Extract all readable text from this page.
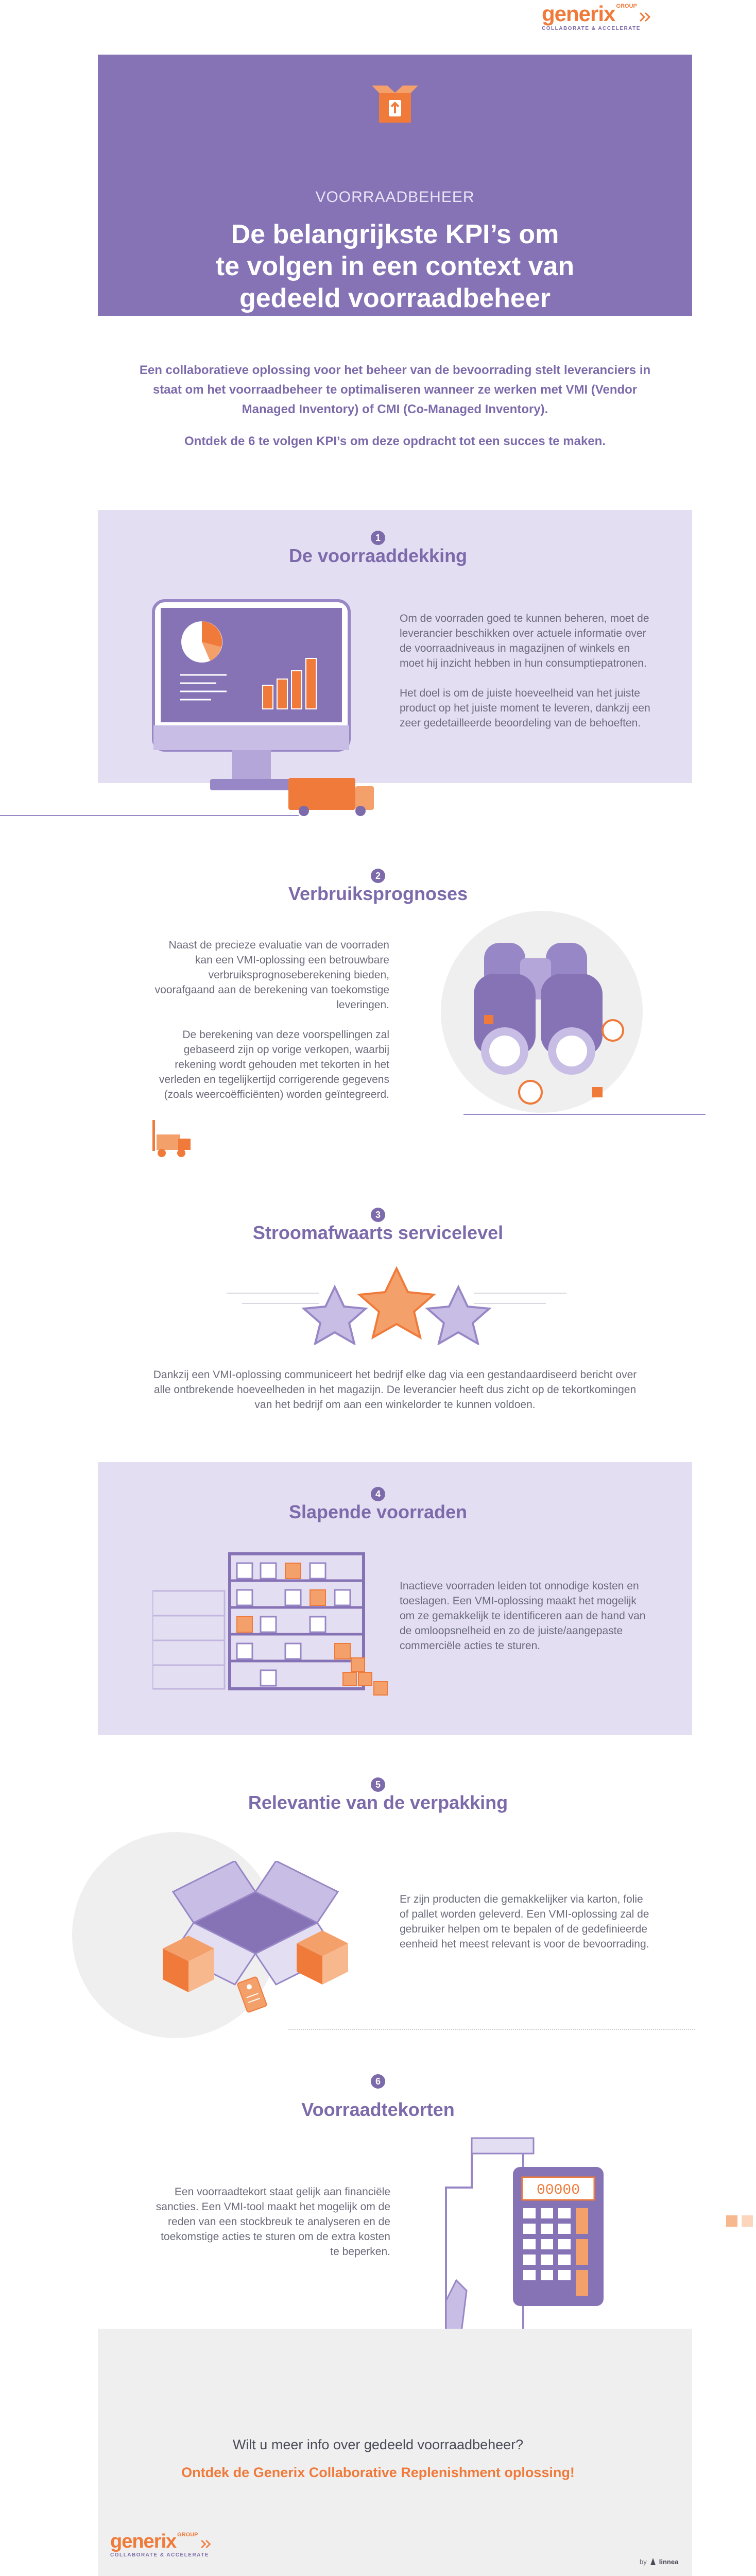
generix $^{GROUP}$
COLLABORATE & ACCELERATE
VOORRAADBEHEER
De belangrijkste KPI’s om
te volgen in een context van
gedeeld voorraadbeheer

Een collaboratieve oplossing voor het beheer van de bevoorrading stelt leveranciers in staat om het voorraadbeheer te optimaliseren wanneer ze werken met VMI (Vendor Managed Inventory) of CMI (Co-Managed Inventory).

Ontdek de 6 te volgen KPI’s om deze opdracht tot een succes te maken.

1
De voorraaddekking

Om de voorraden goed te kunnen beheren, moet de leverancier beschikken over actuele informatie over de voorraadniveaus in magazijnen of winkels en moet hij inzicht hebben in hun consumptiepatronen.

Het doel is om de juiste hoeveelheid van het juiste product op het juiste moment te leveren, dankzij een zeer gedetailleerde beoordeling van de behoeften.

2
Verbruiksprognoses

Naast de precieze evaluatie van de voorraden kan een VMI-oplossing een betrouwbare verbruiksprognoseberekening bieden, voorafgaand aan de berekening van toekomstige leveringen.

De berekening van deze voorspellingen zal gebaseerd zijn op vorige verkopen, waarbij rekening wordt gehouden met tekorten in het verleden en tegelijkertijd corrigerende gegevens (zoals weercoëfficiënten) worden geïntegreerd.

3
Stroomafwaarts servicelevel
Dankzij een VMI-oplossing communiceert het bedrijf elke dag via een gestandaardiseerd bericht over alle ontbrekende hoeveelheden in het magazijn. De leverancier heeft dus zicht op de tekortkomingen van het bedrijf om aan een winkelorder te kunnen voldoen.
4
Slapende voorraden
Inactieve voorraden leiden tot onnodige kosten en toeslagen. Een VMI-oplossing maakt het mogelijk om ze gemakkelijk te identificeren aan de hand van de omloopsnelheid en zo de juiste/aangepaste commerciële acties te sturen.
5
Relevantie van de verpakking
Er zijn producten die gemakkelijker via karton, folie of pallet worden geleverd. Een VMI-oplossing zal de gebruiker helpen om te bepalen of de gedefinieerde eenheid het meest relevant is voor de bevoorrading.
6
Voorraadtekorten
Een voorraadtekort staat gelijk aan financiële sancties. Een VMI-tool maakt het mogelijk om de reden van een stockbreuk te analyseren en de toekomstige acties te sturen om de extra kosten te beperken.
00000
Wilt u meer info over gedeeld voorraadbeheer?
Ontdek de Generix Collaborative Replenishment oplossing!
generix $^{GROUP}$
COLLABORATE & ACCELERATE
by linnea
